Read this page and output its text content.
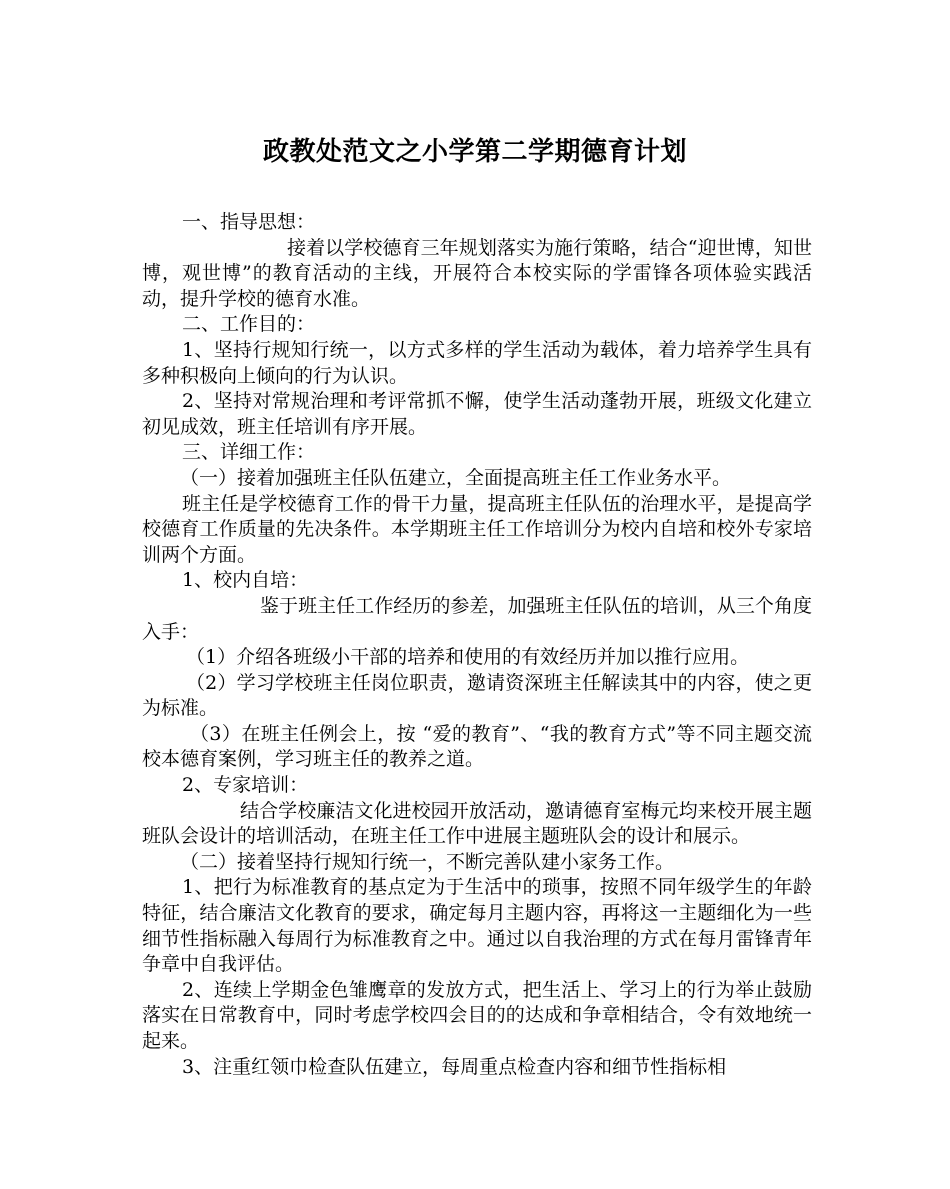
政教处范文之小学第二学期德育计划

一、指导思想：

接着以学校德育三年规划落实为施行策略，结合“迎世博，知世博，观世博”的教育活动的主线，开展符合本校实际的学雷锋各项体验实践活动，提升学校的德育水准。

二、工作目的：

1、坚持行规知行统一，以方式多样的学生活动为载体，着力培养学生具有多种积极向上倾向的行为认识。

2、坚持对常规治理和考评常抓不懈，使学生活动蓬勃开展，班级文化建立初见成效，班主任培训有序开展。

三、详细工作：

（一）接着加强班主任队伍建立，全面提高班主任工作业务水平。

班主任是学校德育工作的骨干力量，提高班主任队伍的治理水平，是提高学校德育工作质量的先决条件。本学期班主任工作培训分为校内自培和校外专家培训两个方面。

1、校内自培：

鉴于班主任工作经历的参差，加强班主任队伍的培训，从三个角度入手：

（1）介绍各班级小干部的培养和使用的有效经历并加以推行应用。

（2）学习学校班主任岗位职责，邀请资深班主任解读其中的内容，使之更为标准。

（3）在班主任例会上，按 “爱的教育”、“我的教育方式”等不同主题交流校本德育案例，学习班主任的教养之道。

2、专家培训：

结合学校廉洁文化进校园开放活动，邀请德育室梅元均来校开展主题班队会设计的培训活动，在班主任工作中进展主题班队会的设计和展示。

（二）接着坚持行规知行统一，不断完善队建小家务工作。

1、把行为标准教育的基点定为于生活中的琐事，按照不同年级学生的年龄特征，结合廉洁文化教育的要求，确定每月主题内容，再将这一主题细化为一些细节性指标融入每周行为标准教育之中。通过以自我治理的方式在每月雷锋青年争章中自我评估。

2、连续上学期金色雏鹰章的发放方式，把生活上、学习上的行为举止鼓励落实在日常教育中，同时考虑学校四会目的的达成和争章相结合，令有效地统一起来。

3、注重红领巾检查队伍建立，每周重点检查内容和细节性指标相
